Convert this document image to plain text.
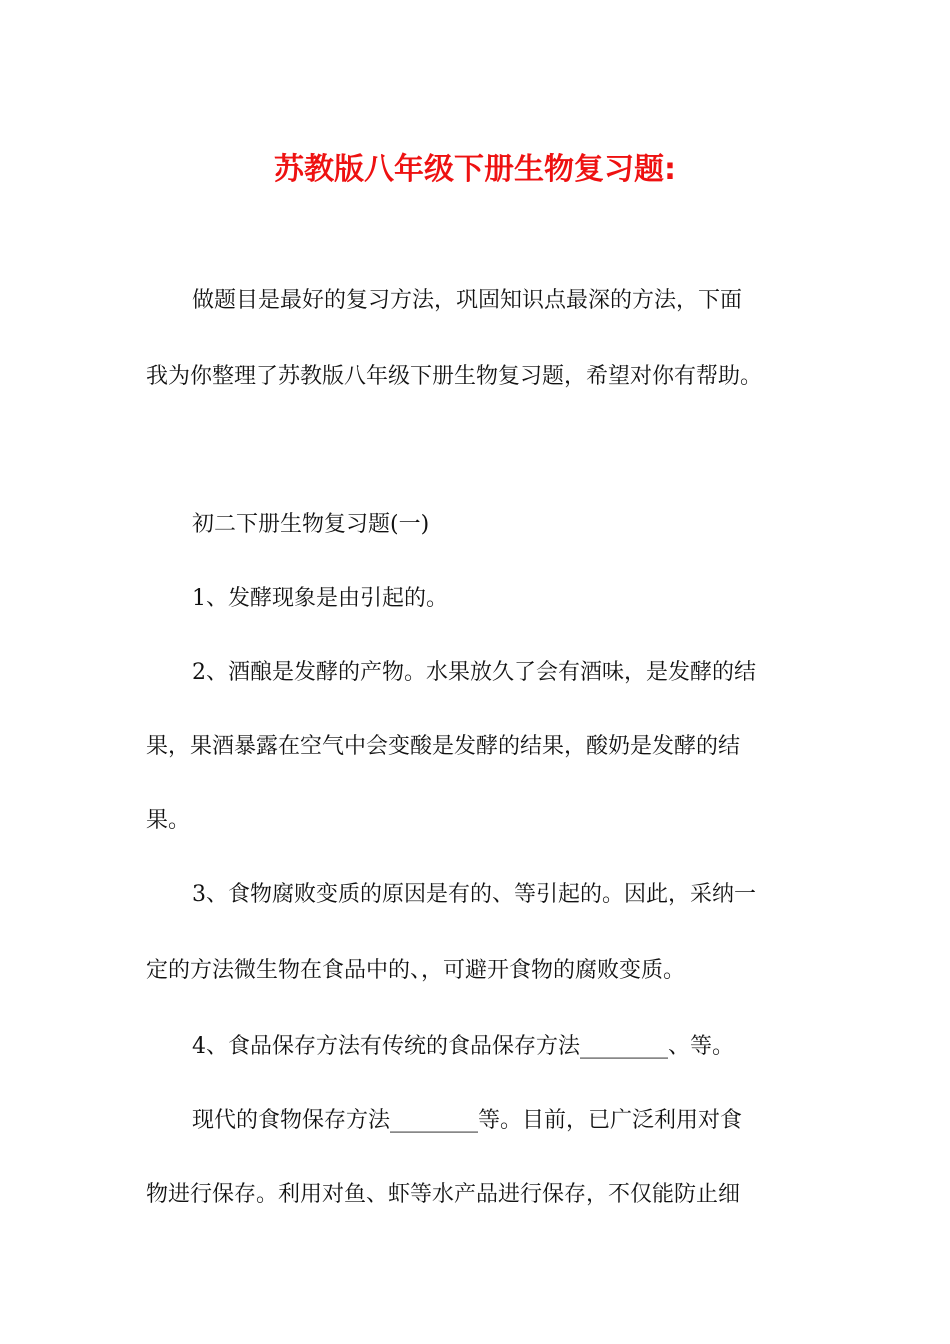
苏教版八年级下册生物复习题:

做题目是最好的复习方法，巩固知识点最深的方法，下面

我为你整理了苏教版八年级下册生物复习题，希望对你有帮助。

初二下册生物复习题(一)

1、发酵现象是由引起的。

2、酒酿是发酵的产物。水果放久了会有酒味，是发酵的结

果，果酒暴露在空气中会变酸是发酵的结果，酸奶是发酵的结

果。

3、食物腐败变质的原因是有的、等引起的。因此，采纳一

定的方法微生物在食品中的、，可避开食物的腐败变质。

4、食品保存方法有传统的食品保存方法________、等。

现代的食物保存方法________等。目前，已广泛利用对食

物进行保存。利用对鱼、虾等水产品进行保存，不仅能防止细
